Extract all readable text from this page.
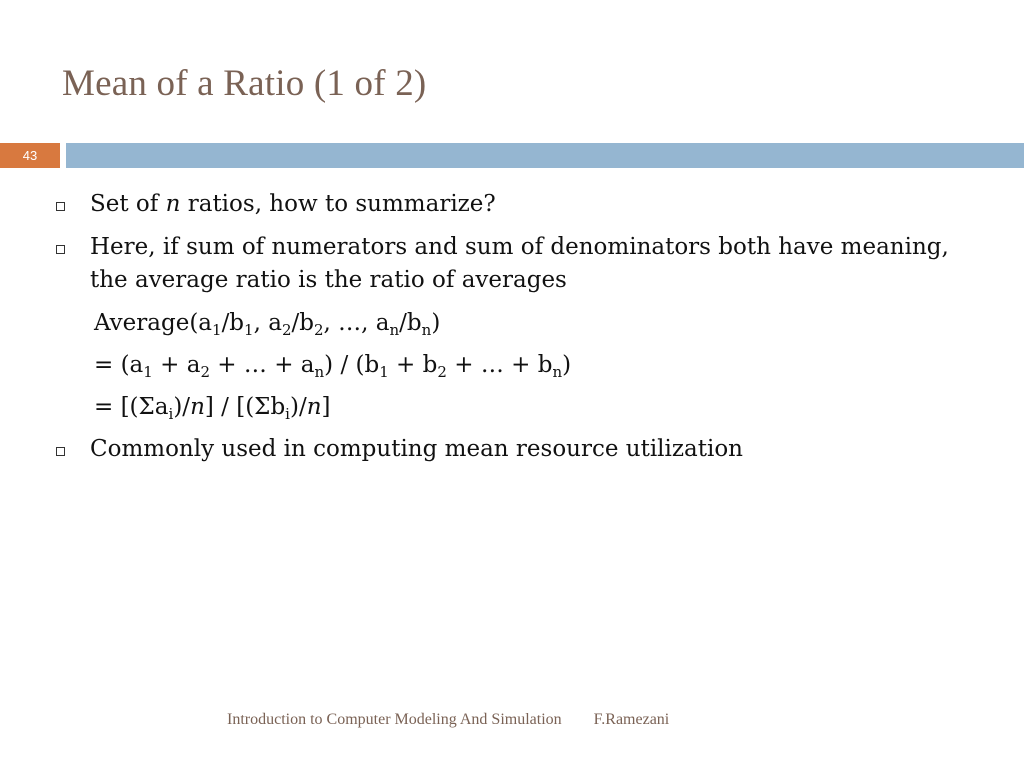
Mean of a Ratio (1 of 2)
43
Set of n ratios, how to summarize?
Here, if sum of numerators and sum of denominators both have meaning, the average ratio is the ratio of averages
$Average(a_1/b_1$, $a_2/b_2$, …, $a_n/b_n$)
= ($a_1 + a_2$ + … + $a_n) / (b_1 + b_2$ + … + $b_n$)
= $[(\Sigma a_i)/n] / [(\Sigma b_i)/n]$
Commonly used in computing mean resource utilization
Introduction to Computer Modeling And Simulation F.Ramezani
